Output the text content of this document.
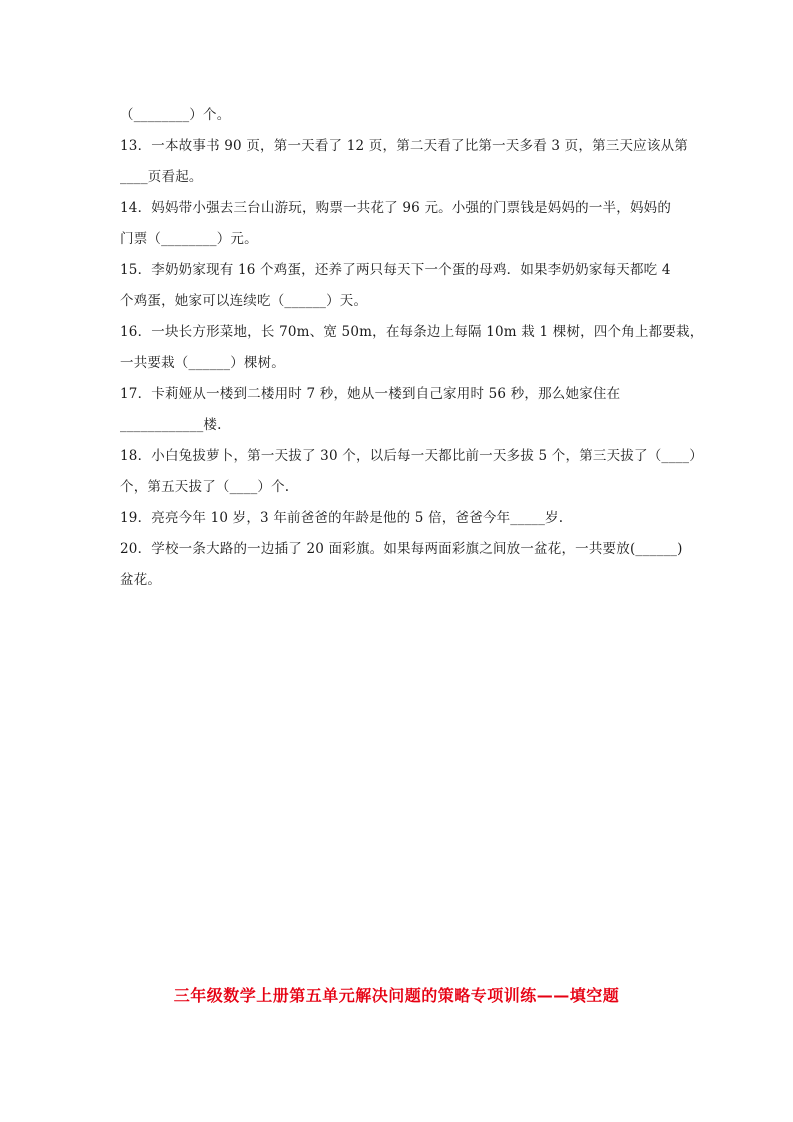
（________）个。
13．一本故事书 90 页，第一天看了 12 页，第二天看了比第一天多看 3 页，第三天应该从第
____页看起。
14．妈妈带小强去三台山游玩，购票一共花了 96 元。小强的门票钱是妈妈的一半，妈妈的
门票（________）元。
15．李奶奶家现有 16 个鸡蛋，还养了两只每天下一个蛋的母鸡．如果李奶奶家每天都吃 4
个鸡蛋，她家可以连续吃（______）天。
16．一块长方形菜地，长 70m、宽 50m，在每条边上每隔 10m 栽 1 棵树，四个角上都要栽，
一共要栽（______）棵树。
17．卡莉娅从一楼到二楼用时 7 秒，她从一楼到自己家用时 56 秒，那么她家住在
____________楼.
18．小白兔拔萝卜，第一天拔了 30 个，以后每一天都比前一天多拔 5 个，第三天拔了（____）
个，第五天拔了（____）个.
19．亮亮今年 10 岁，3 年前爸爸的年龄是他的 5 倍，爸爸今年_____岁.
20．学校一条大路的一边插了 20 面彩旗。如果每两面彩旗之间放一盆花，一共要放(______)
盆花。
三年级数学上册第五单元解决问题的策略专项训练——填空题
